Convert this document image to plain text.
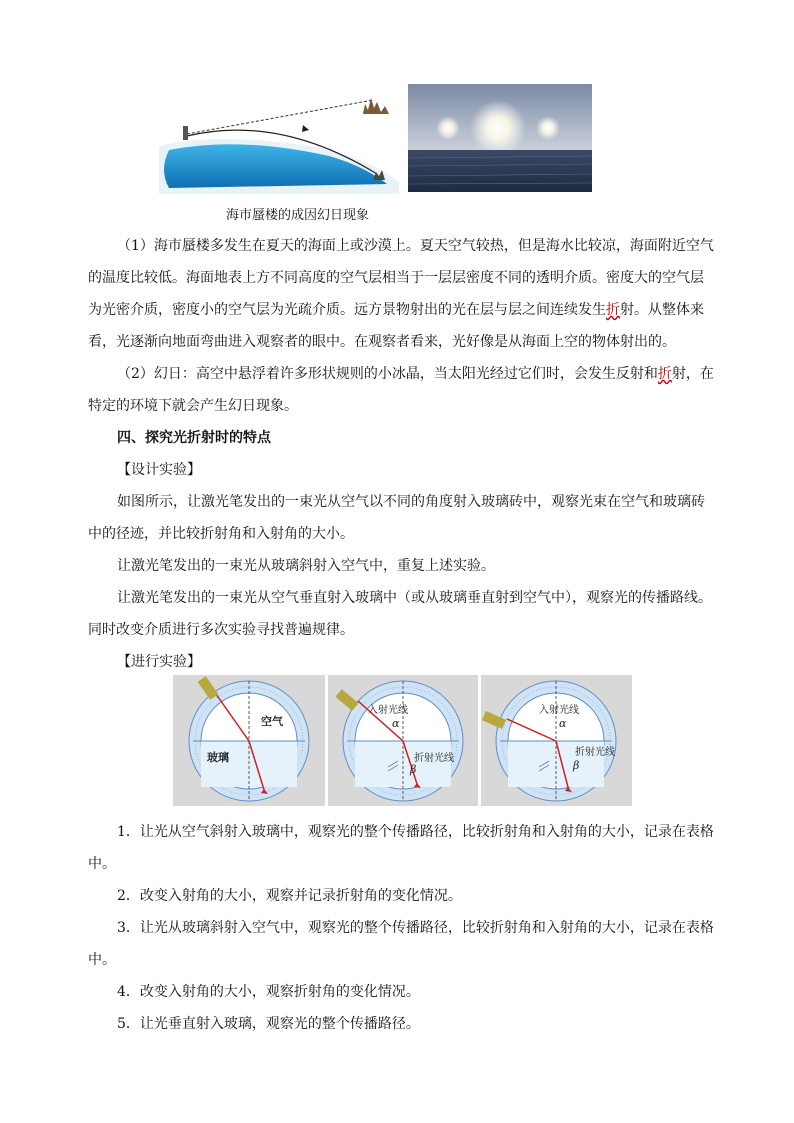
海市蜃楼的成因幻日现象
（1）海市蜃楼多发生在夏天的海面上或沙漠上。夏天空气较热，但是海水比较凉，海面附近空气
的温度比较低。海面地表上方不同高度的空气层相当于一层层密度不同的透明介质。密度大的空气层
为光密介质，密度小的空气层为光疏介质。远方景物射出的光在层与层之间连续发生折射。从整体来
看，光逐渐向地面弯曲进入观察者的眼中。在观察者看来，光好像是从海面上空的物体射出的。
（2）幻日：高空中悬浮着许多形状规则的小冰晶，当太阳光经过它们时，会发生反射和折射，在
特定的环境下就会产生幻日现象。
四、探究光折射时的特点
【设计实验】
如图所示，让激光笔发出的一束光从空气以不同的角度射入玻璃砖中，观察光束在空气和玻璃砖
中的径迹，并比较折射角和入射角的大小。
让激光笔发出的一束光从玻璃斜射入空气中，重复上述实验。
让激光笔发出的一束光从空气垂直射入玻璃中（或从玻璃垂直射到空气中），观察光的传播路线。
同时改变介质进行多次实验寻找普遍规律。
【进行实验】
空气
玻璃
入射光线
α
折射光线
β
入射光线
α
折射光线
β
1．让光从空气斜射入玻璃中，观察光的整个传播路径，比较折射角和入射角的大小，记录在表格
中。
2．改变入射角的大小，观察并记录折射角的变化情况。
3．让光从玻璃斜射入空气中，观察光的整个传播路径，比较折射角和入射角的大小，记录在表格
中。
4．改变入射角的大小，观察折射角的变化情况。
5．让光垂直射入玻璃，观察光的整个传播路径。
